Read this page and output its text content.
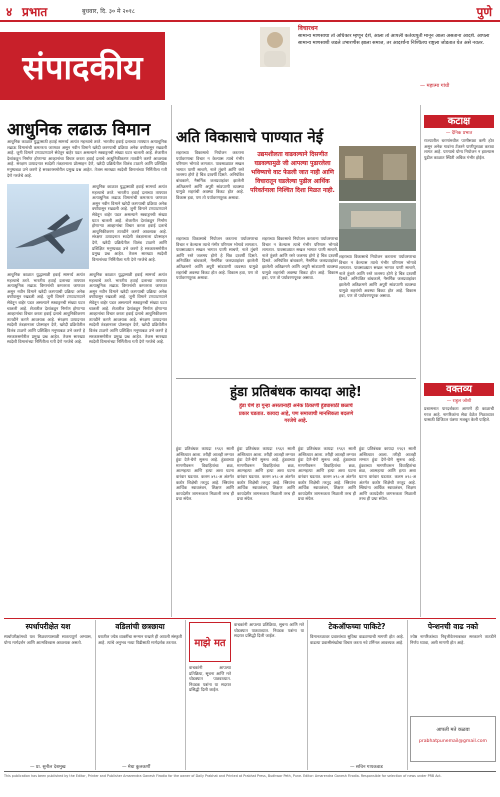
४ प्रभात	बुधवार, दि. ३० मे २०१८	पुणे
संपादकीय
विचारधन
सामान्य माणसाचा तो अधिकार म्हणून देशे, आला तो आपली कर्तव्यपूर्ती मानून आला असताना आदर्श. आपला सामान्य माणसाशी जडले उभारणीस झाला समाज, तर आदर्शांना निश्चितच राष्ट्रला जोडतात येत असे नवतर.
— महात्मा गांधी
आधुनिक लढाऊ विमान
आधुनिक काळात युद्धासाठी हवाई सामर्थ्य अत्यंत महत्त्वाचे ठरते. भारतीय हवाई दलाच्या ताफ्यात अत्याधुनिक लढाऊ विमानांची कमतरता जाणवत असून नवीन विमाने खरेदी करण्याची प्रक्रिया अनेक वर्षांपासून रखडली आहे. जुनी विमाने टप्प्याटप्प्याने सेवेतून बाहेर पडत असल्याने स्क्वाड्रनची संख्या घटत चालली आहे. शेजारील देशांकडून निर्माण होणाऱ्या आव्हानांचा विचार करता हवाई दलाचे आधुनिकीकरण तातडीने करणे आवश्यक आहे. संरक्षण उत्पादनात स्वदेशी तंत्रज्ञानाला प्रोत्साहन देणे, खरेदी प्रक्रियेतील विलंब टाळणे आणि प्रशिक्षित मनुष्यबळ उभे करणे हे सरकारसमोरील प्रमुख प्रश्न आहेत. तेजस सारख्या स्वदेशी विमानांच्या निर्मितीला गती देणे गरजेचे आहे.
आधुनिक काळात युद्धासाठी हवाई सामर्थ्य अत्यंत महत्त्वाचे ठरते. भारतीय हवाई दलाच्या ताफ्यात अत्याधुनिक लढाऊ विमानांची कमतरता जाणवत असून नवीन विमाने खरेदी करण्याची प्रक्रिया अनेक वर्षांपासून रखडली आहे. जुनी विमाने टप्प्याटप्प्याने सेवेतून बाहेर पडत असल्याने स्क्वाड्रनची संख्या घटत चालली आहे. शेजारील देशांकडून निर्माण होणाऱ्या आव्हानांचा विचार करता हवाई दलाचे आधुनिकीकरण तातडीने करणे आवश्यक आहे. संरक्षण उत्पादनात स्वदेशी तंत्रज्ञानाला प्रोत्साहन देणे, खरेदी प्रक्रियेतील विलंब टाळणे आणि प्रशिक्षित मनुष्यबळ उभे करणे हे सरकारसमोरील प्रमुख प्रश्न आहेत. तेजस सारख्या स्वदेशी विमानांच्या निर्मितीला गती देणे गरजेचे आहे.
आधुनिक काळात युद्धासाठी हवाई सामर्थ्य अत्यंत महत्त्वाचे ठरते. भारतीय हवाई दलाच्या ताफ्यात अत्याधुनिक लढाऊ विमानांची कमतरता जाणवत असून नवीन विमाने खरेदी करण्याची प्रक्रिया अनेक वर्षांपासून रखडली आहे. जुनी विमाने टप्प्याटप्प्याने सेवेतून बाहेर पडत असल्याने स्क्वाड्रनची संख्या घटत चालली आहे. शेजारील देशांकडून निर्माण होणाऱ्या आव्हानांचा विचार करता हवाई दलाचे आधुनिकीकरण तातडीने करणे आवश्यक आहे. संरक्षण उत्पादनात स्वदेशी तंत्रज्ञानाला प्रोत्साहन देणे, खरेदी प्रक्रियेतील विलंब टाळणे आणि प्रशिक्षित मनुष्यबळ उभे करणे हे सरकारसमोरील प्रमुख प्रश्न आहेत. तेजस सारख्या स्वदेशी विमानांच्या निर्मितीला गती देणे गरजेचे आहे.
आधुनिक काळात युद्धासाठी हवाई सामर्थ्य अत्यंत महत्त्वाचे ठरते. भारतीय हवाई दलाच्या ताफ्यात अत्याधुनिक लढाऊ विमानांची कमतरता जाणवत असून नवीन विमाने खरेदी करण्याची प्रक्रिया अनेक वर्षांपासून रखडली आहे. जुनी विमाने टप्प्याटप्प्याने सेवेतून बाहेर पडत असल्याने स्क्वाड्रनची संख्या घटत चालली आहे. शेजारील देशांकडून निर्माण होणाऱ्या आव्हानांचा विचार करता हवाई दलाचे आधुनिकीकरण तातडीने करणे आवश्यक आहे. संरक्षण उत्पादनात स्वदेशी तंत्रज्ञानाला प्रोत्साहन देणे, खरेदी प्रक्रियेतील विलंब टाळणे आणि प्रशिक्षित मनुष्यबळ उभे करणे हे सरकारसमोरील प्रमुख प्रश्न आहेत. तेजस सारख्या स्वदेशी विमानांच्या निर्मितीला गती देणे गरजेचे आहे.
अति विकासाचे पाण्यात नेई
शहराच्या विकासाचे नियोजन करताना पर्यावरणाचा विचार न केल्यास त्याचे गंभीर परिणाम भोगावे लागतात. पावसाळ्यात सखल भागात पाणी साचणे, नाले तुंबणे आणि रस्ते जलमय होणे हे चित्र दरवर्षी दिसते. अनियंत्रित बांधकामे, नैसर्गिक जलप्रवाहांवर झालेली अतिक्रमणे आणि अपुरी सांडपाणी व्यवस्था यामुळे शहरांची अवस्था बिकट होत आहे. विकास हवा, पण तो पर्यावरणपूरक असावा.
उद्यमशीलता वाढवल्याने दिसणीत घडवल्यामुळे जी आपल्या पुढारलेला भविष्याचे वाट फेडली जात नाही आणि विचारातून घडलेल्या पुढील आर्थिक परिवर्तनाला निश्चित दिशा मिळत नाही.
शहराच्या विकासाचे नियोजन करताना पर्यावरणाचा विचार न केल्यास त्याचे गंभीर परिणाम भोगावे लागतात. पावसाळ्यात सखल भागात पाणी साचणे, नाले तुंबणे आणि रस्ते जलमय होणे हे चित्र दरवर्षी दिसते. अनियंत्रित बांधकामे, नैसर्गिक जलप्रवाहांवर झालेली अतिक्रमणे आणि अपुरी सांडपाणी व्यवस्था यामुळे शहरांची अवस्था बिकट होत आहे. विकास हवा, पण तो पर्यावरणपूरक असावा.
शहराच्या विकासाचे नियोजन करताना पर्यावरणाचा विचार न केल्यास त्याचे गंभीर परिणाम भोगावे लागतात. पावसाळ्यात सखल भागात पाणी साचणे, नाले तुंबणे आणि रस्ते जलमय होणे हे चित्र दरवर्षी दिसते. अनियंत्रित बांधकामे, नैसर्गिक जलप्रवाहांवर झालेली अतिक्रमणे आणि अपुरी सांडपाणी व्यवस्था यामुळे शहरांची अवस्था बिकट होत आहे. विकास हवा, पण तो पर्यावरणपूरक असावा.
शहराच्या विकासाचे नियोजन करताना पर्यावरणाचा विचार न केल्यास त्याचे गंभीर परिणाम भोगावे लागतात. पावसाळ्यात सखल भागात पाणी साचणे, नाले तुंबणे आणि रस्ते जलमय होणे हे चित्र दरवर्षी दिसते. अनियंत्रित बांधकामे, नैसर्गिक जलप्रवाहांवर झालेली अतिक्रमणे आणि अपुरी सांडपाणी व्यवस्था यामुळे शहरांची अवस्था बिकट होत आहे. विकास हवा, पण तो पर्यावरणपूरक असावा.
हुंडा प्रतिबंधक कायदा आहे!
हुंडा घेणे हा गुन्हा असतानाही अनेक ठिकाणी हुंड्यासाठी छळाचे प्रकार घडतात. कायदा आहे, पण समाजाची मानसिकता बदलणे गरजेचे आहे.
हुंडा प्रतिबंधक कायदा १९६१ साली अस्तित्वात आला. तरीही आजही लग्नात हुंडा देणे-घेणे सुरूच आहे. हुंड्याच्या मागणीवरून विवाहितांचा छळ, आत्महत्या आणि हत्या अशा घटना वारंवार घडतात. कलम ४९८-अ अंतर्गत कठोर शिक्षेची तरतूद आहे. स्त्रियांना आर्थिक स्वावलंबन, शिक्षण आणि कायदेशीर जागरूकता मिळाली तरच ही प्रथा संपेल.
हुंडा प्रतिबंधक कायदा १९६१ साली अस्तित्वात आला. तरीही आजही लग्नात हुंडा देणे-घेणे सुरूच आहे. हुंड्याच्या मागणीवरून विवाहितांचा छळ, आत्महत्या आणि हत्या अशा घटना वारंवार घडतात. कलम ४९८-अ अंतर्गत कठोर शिक्षेची तरतूद आहे. स्त्रियांना आर्थिक स्वावलंबन, शिक्षण आणि कायदेशीर जागरूकता मिळाली तरच ही प्रथा संपेल.
हुंडा प्रतिबंधक कायदा १९६१ साली अस्तित्वात आला. तरीही आजही लग्नात हुंडा देणे-घेणे सुरूच आहे. हुंड्याच्या मागणीवरून विवाहितांचा छळ, आत्महत्या आणि हत्या अशा घटना वारंवार घडतात. कलम ४९८-अ अंतर्गत कठोर शिक्षेची तरतूद आहे. स्त्रियांना आर्थिक स्वावलंबन, शिक्षण आणि कायदेशीर जागरूकता मिळाली तरच ही प्रथा संपेल.
हुंडा प्रतिबंधक कायदा १९६१ साली अस्तित्वात आला. तरीही आजही लग्नात हुंडा देणे-घेणे सुरूच आहे. हुंड्याच्या मागणीवरून विवाहितांचा छळ, आत्महत्या आणि हत्या अशा घटना वारंवार घडतात. कलम ४९८-अ अंतर्गत कठोर शिक्षेची तरतूद आहे. स्त्रियांना आर्थिक स्वावलंबन, शिक्षण आणि कायदेशीर जागरूकता मिळाली तरच ही प्रथा संपेल.
कटाक्ष
— दैनिक प्रभात
राज्यातील धरणांमधील पाणीसाठा कमी होत असून अनेक गावांना टँकरने पाणीपुरवठा करावा लागत आहे. पाण्याचे योग्य नियोजन न झाल्यास पुढील काळात स्थिती अधिक गंभीर होईल.
वक्तव्य
— राहुल जोशी
प्रशासनात पारदर्शकता आणणे ही काळाची गरज आहे. नागरिकांना सेवा वेळेत मिळाव्यात यासाठी डिजिटल यंत्रणा मजबूत केली पाहिजे.
स्पर्धापरीक्षेत यश
स्पर्धापरीक्षांमध्ये यश मिळवण्यासाठी सातत्यपूर्ण अभ्यास, योग्य मार्गदर्शन आणि आत्मविश्वास आवश्यक असतो.
— प्रा. सुनील देशमुख
वडिलांची छत्रछाया
घरातील ज्येष्ठ व्यक्तींचा सन्मान राखणे ही आपली संस्कृती आहे. त्यांचे अनुभव नव्या पिढीसाठी मार्गदर्शक ठरतात.
— मेघा कुलकर्णी
माझे मत
वाचकांनी आपल्या प्रतिक्रिया, सूचना आणि मते थोडक्यात पाठवाव्यात. निवडक पत्रांना या सदरात प्रसिद्धी दिली जाईल.
वाचकांनी आपल्या प्रतिक्रिया, सूचना आणि मते थोडक्यात पाठवाव्यात. निवडक पत्रांना या सदरात प्रसिद्धी दिली जाईल.
टेकऑफच्या पाकिटे?
विमानतळावर प्रवाशांच्या सुविधा वाढवण्याची मागणी होत आहे. वाढत्या प्रवासीसंख्येचा विचार करता नवे टर्मिनल आवश्यक आहे.
— सचिन गायकवाड
पेन्शनची वाढ नको
ज्येष्ठ नागरिकांच्या निवृत्तीवेतनाबाबत सरकारने तातडीने निर्णय घ्यावा, अशी मागणी होत आहे.
आपली मते कळवा
prabhatpunemail@gmail.com
This publication has been published by the Editor, Printer and Publisher Amarendra Ganesh Firodia for the owner of Daily Prabhat and Printed at Prabhat Press, Budhwar Peth, Pune. Editor: Amarendra Ganesh Firodia. Responsible for selection of news under PRB Act.
